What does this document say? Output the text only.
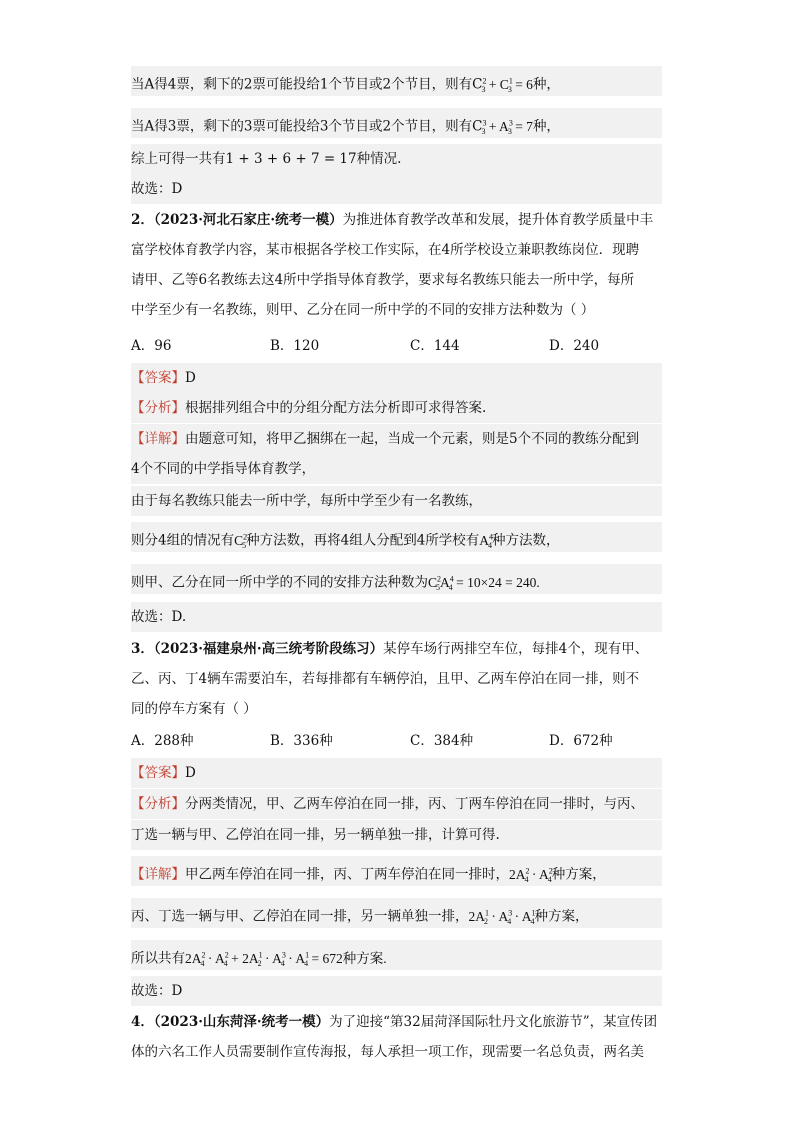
当A得4票，剩下的2票可能投给1个节目或2个节目，则有$C^2_3 + C^1_3 = 6$种，
当A得3票，剩下的3票可能投给3个节目或2个节目，则有$C^3_3 + A^3_3 = 7$种，
综上可得一共有1 + 3 + 6 + 7 = 17种情况.
故选：D
2．（2023·河北石家庄·统考一模）为推进体育教学改革和发展，提升体育教学质量中丰
富学校体育教学内容，某市根据各学校工作实际，在4所学校设立兼职教练岗位．现聘
请甲、乙等6名教练去这4所中学指导体育教学，要求每名教练只能去一所中学，每所
中学至少有一名教练，则甲、乙分在同一所中学的不同的安排方法种数为（ ）
A．96	B．120	C．144	D．240
【答案】D
【分析】根据排列组合中的分组分配方法分析即可求得答案.
【详解】由题意可知，将甲乙捆绑在一起，当成一个元素，则是5个不同的教练分配到
4个不同的中学指导体育教学，
由于每名教练只能去一所中学，每所中学至少有一名教练，
则分4组的情况有$C^2_5$种方法数，再将4组人分配到4所学校有$A^4_4$种方法数，
则甲、乙分在同一所中学的不同的安排方法种数为$C^2_5A^4_4 = 10\times 24 = 240$.
故选：D.
3．（2023·福建泉州·高三统考阶段练习）某停车场行两排空车位，每排4个，现有甲、
乙、丙、丁4辆车需要泊车，若每排都有车辆停泊，且甲、乙两车停泊在同一排，则不
同的停车方案有（ ）
A．288种	B．336种	C．384种	D．672种
【答案】D
【分析】分两类情况，甲、乙两车停泊在同一排，丙、丁两车停泊在同一排时，与丙、
丁选一辆与甲、乙停泊在同一排，另一辆单独一排，计算可得.
【详解】甲乙两车停泊在同一排，丙、丁两车停泊在同一排时，$2A^2_4 \cdot A^2_4$种方案，
丙、丁选一辆与甲、乙停泊在同一排，另一辆单独一排，$2A^1_2 \cdot A^3_4 \cdot A^1_4$种方案，
所以共有$2A^2_4 \cdot A^2_4 + 2A^1_2 \cdot A^3_4 \cdot A^1_4 = 672$种方案.
故选：D
4．（2023·山东菏泽·统考一模）为了迎接“第32届菏泽国际牡丹文化旅游节”，某宣传团
体的六名工作人员需要制作宣传海报，每人承担一项工作，现需要一名总负责，两名美
